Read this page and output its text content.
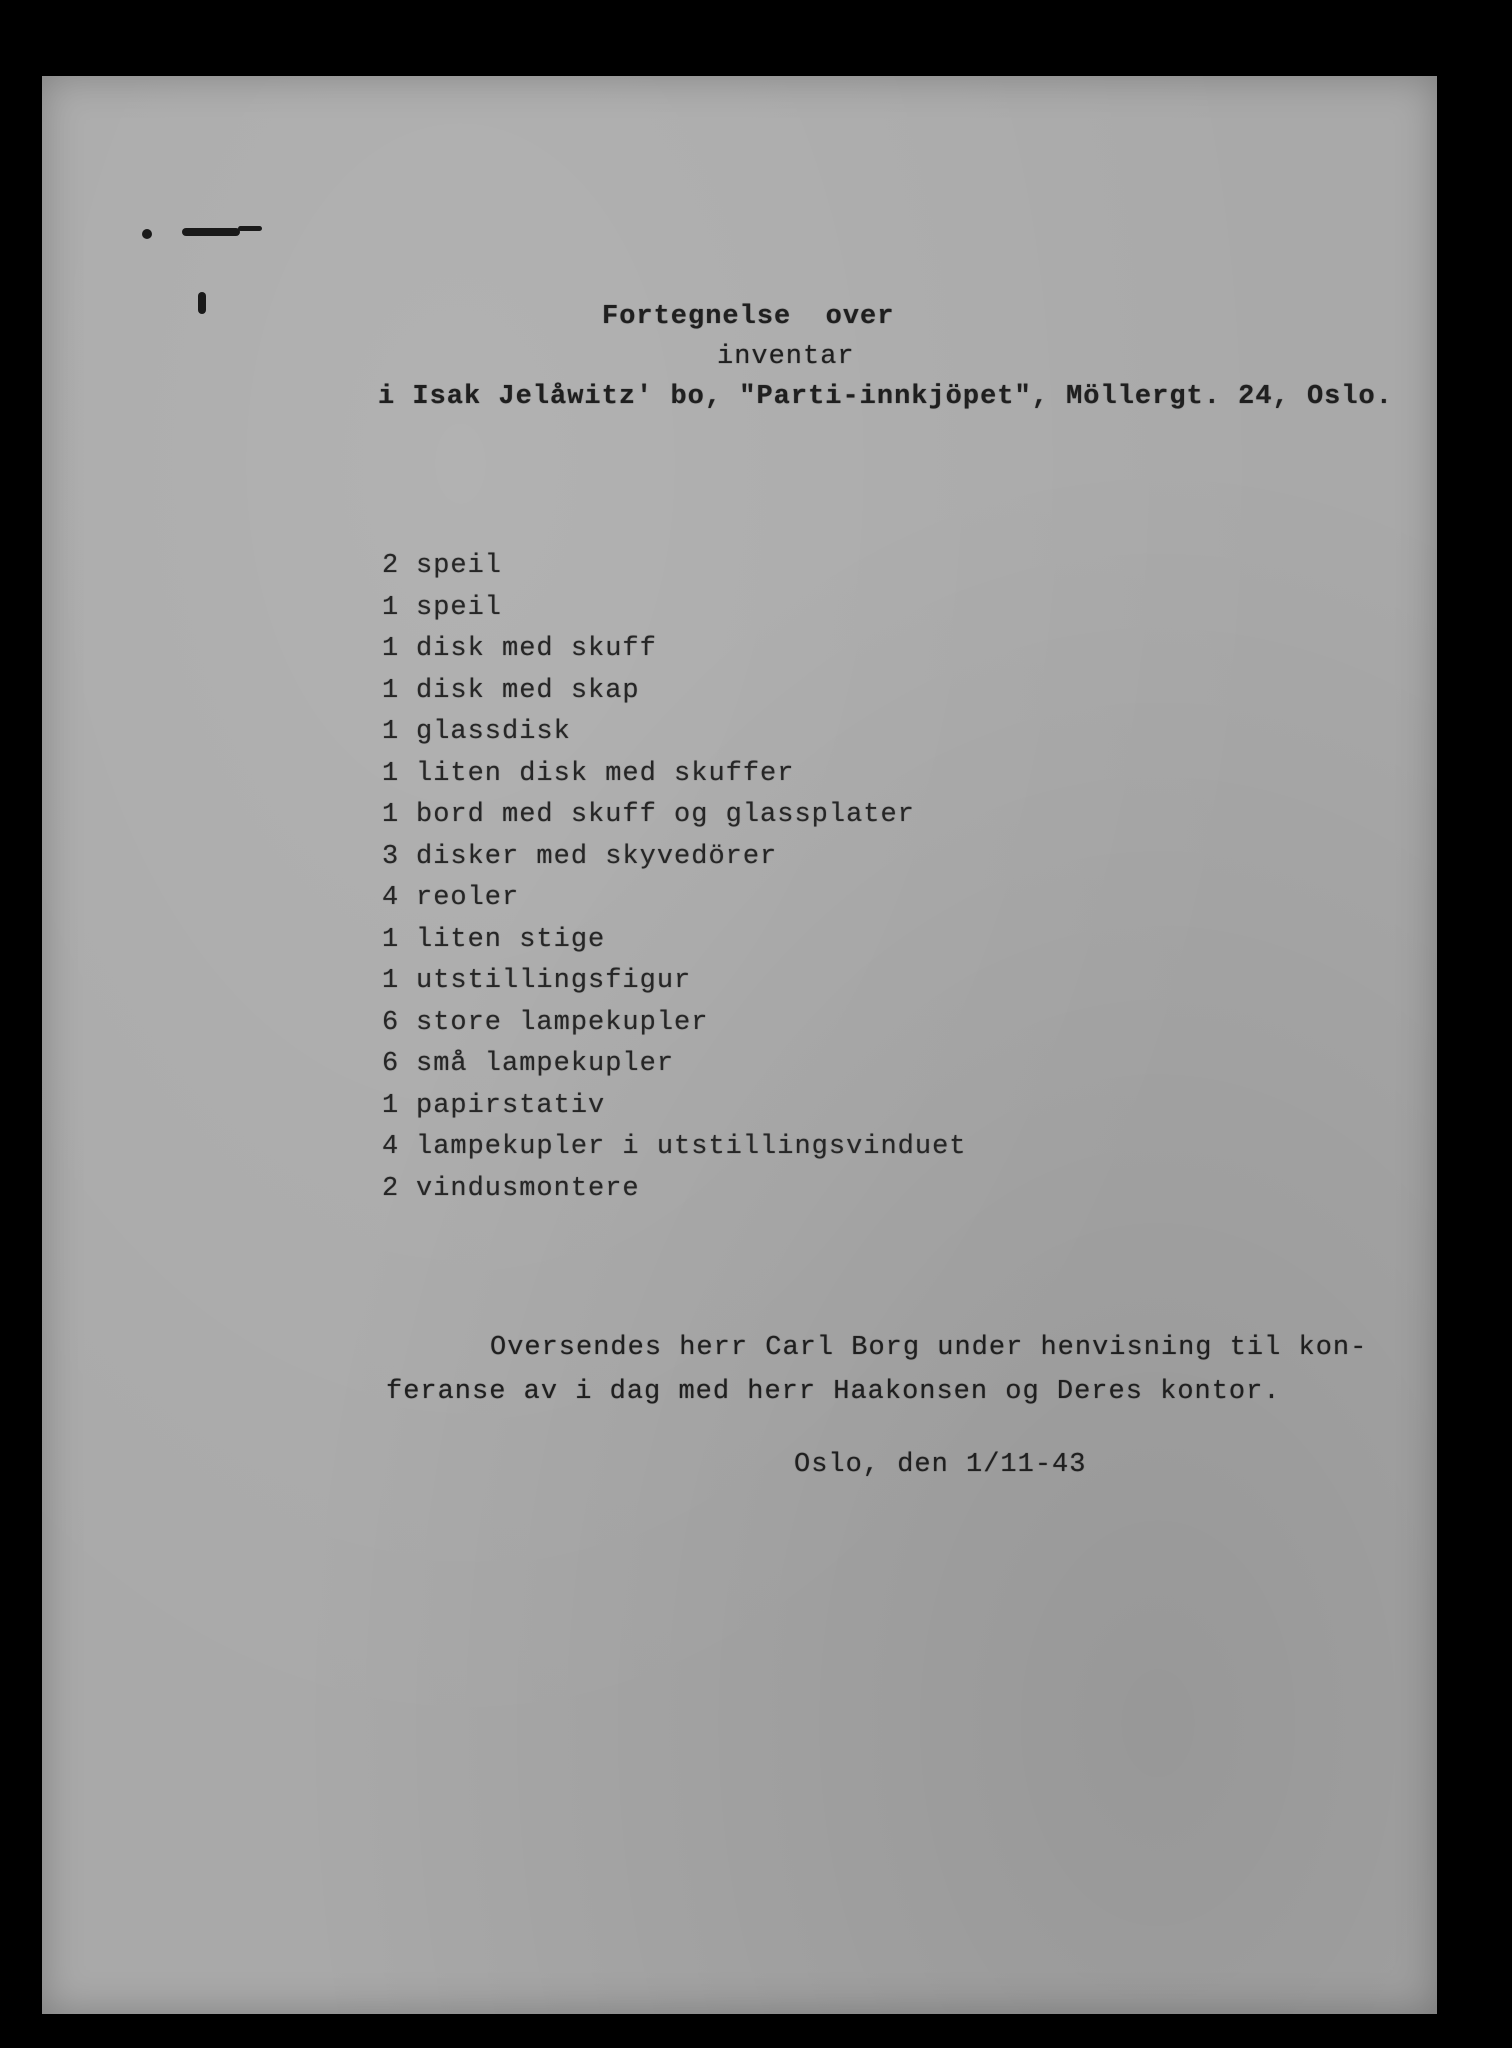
Fortegnelse  over
inventar
i Isak Jelåwitz' bo, "Parti-innkjöpet", Möllergt. 24, Oslo.
2 speil
1 speil
1 disk med skuff
1 disk med skap
1 glassdisk
1 liten disk med skuffer
1 bord med skuff og glassplater
3 disker med skyvedörer
4 reoler
1 liten stige
1 utstillingsfigur
6 store lampekupler
6 små lampekupler
1 papirstativ
4 lampekupler i utstillingsvinduet
2 vindusmontere
Oversendes herr Carl Borg under henvisning til kon-
feranse av i dag med herr Haakonsen og Deres kontor.
Oslo, den 1/11-43
